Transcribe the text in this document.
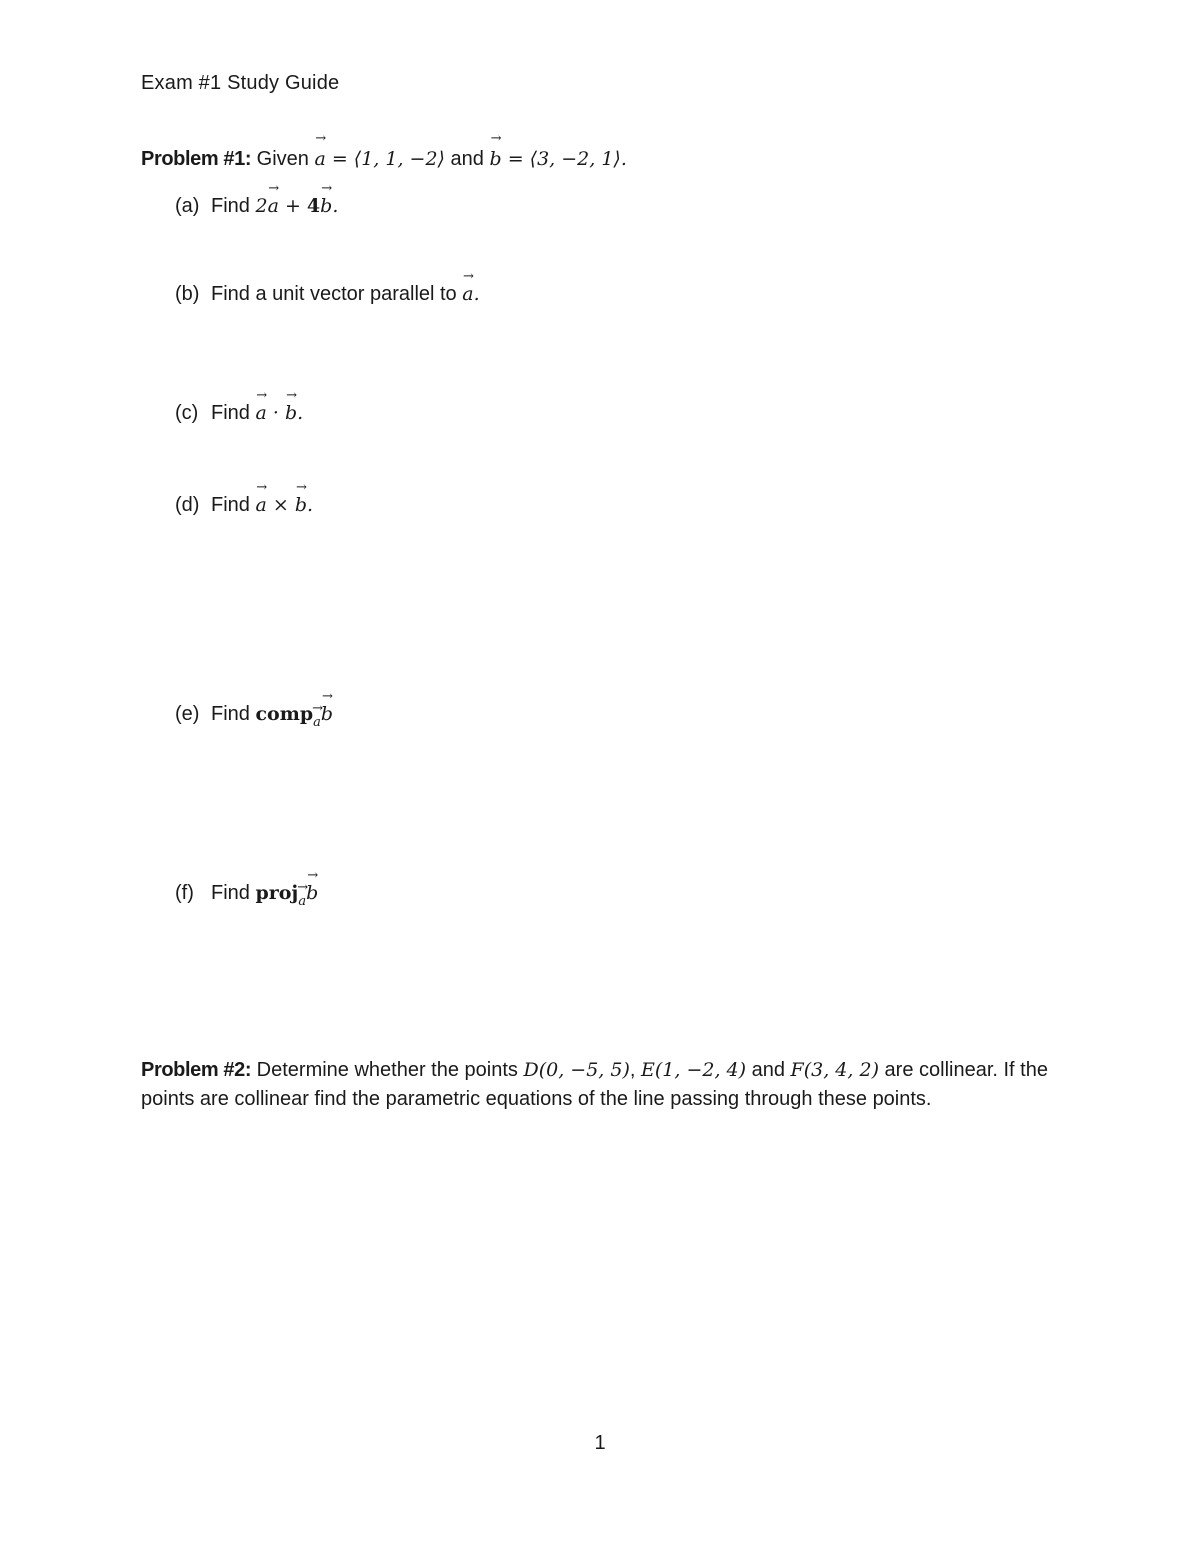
Exam #1 Study Guide
Problem #1: Given → a = ⟨1, 1, −2⟩ and → b = ⟨3, −2, 1⟩.
(a) Find 2→ a + 4→ b.
(b) Find a unit vector parallel to → a.
(c) Find → a · → b.
(d) Find → a × → b.
(e) Find comp→ a→ b
(f) Find proj→ a→ b
Problem #2: Determine whether the points D(0, −5, 5), E(1, −2, 4) and F(3, 4, 2) are collinear. If the points are collinear find the parametric equations of the line passing through these points.
1
